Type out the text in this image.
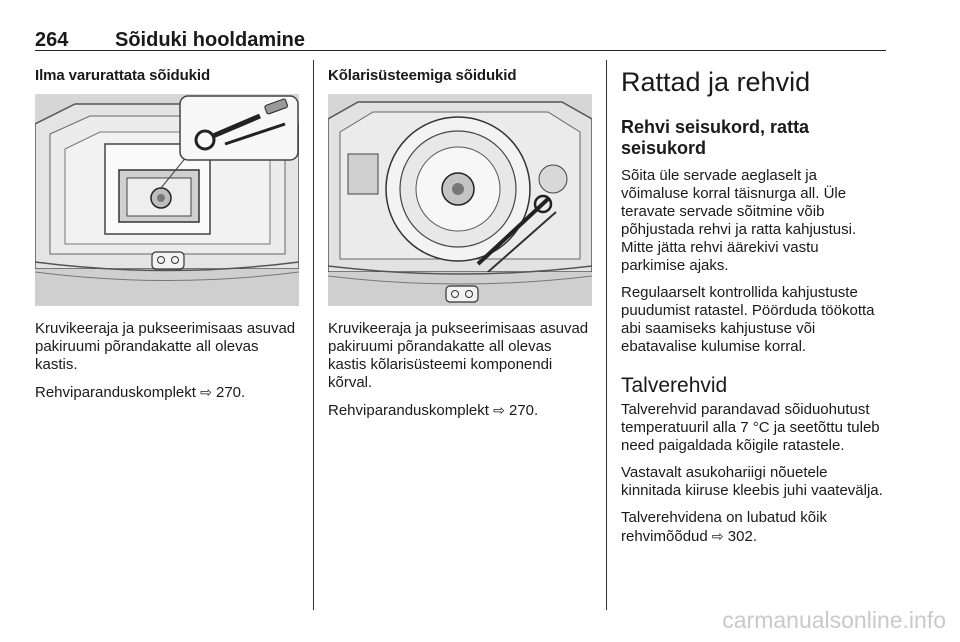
264 Sõiduki hooldamine
Ilma varurattata sõidukid

Kruvikeeraja ja pukseerimisaas asuvad pakiruumi põrandakatte all olevas kastis.

Rehviparanduskomplekt ⇨ 270.

Kõlarisüsteemiga sõidukid

Kruvikeeraja ja pukseerimisaas asuvad pakiruumi põrandakatte all olevas kastis kõlarisüsteemi komponendi kõrval.

Rehviparanduskomplekt ⇨ 270.

Rattad ja rehvid
Rehvi seisukord, ratta seisukord

Sõita üle servade aeglaselt ja võimaluse korral täisnurga all. Üle teravate servade sõitmine võib põhjustada rehvi ja ratta kahjustusi. Mitte jätta rehvi äärekivi vastu parkimise ajaks.

Regulaarselt kontrollida kahjustuste puudumist ratastel. Pöörduda töökotta abi saamiseks kahjustuse või ebatavalise kulumise korral.

Talverehvid

Talverehvid parandavad sõiduohutust temperatuuril alla 7 °C ja seetõttu tuleb need paigaldada kõigile ratastele.

Vastavalt asukohariigi nõuetele kinnitada kiiruse kleebis juhi vaatevälja.

Talverehvidena on lubatud kõik rehvimõõdud ⇨ 302.

carmanualsonline.info
